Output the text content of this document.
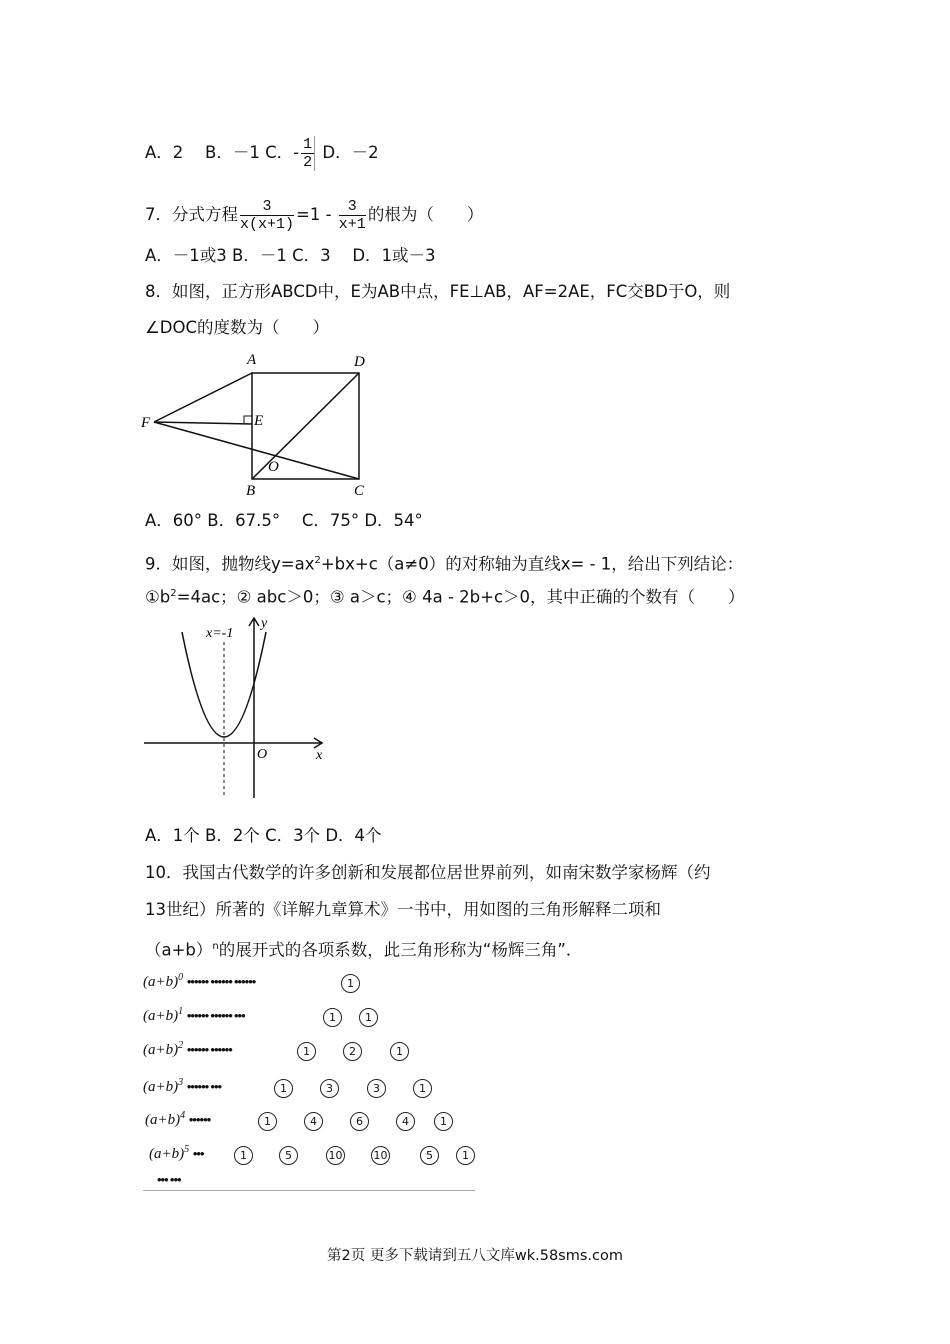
A．2　 B．－1 C．- $\frac{1}{2}$ D．－2
7．分式方程 $\frac{3}{x(x+1)} =1 - \frac{3}{x+1}$ 的根为（　　）
A．－1或3 B．－1 C．3　 D．1或－3
8．如图，正方形ABCD中，E为AB中点，FE⊥AB，AF=2AE，FC交BD于O，则
∠DOC的度数为（　　）
A	D
E
F
O
B	C
A．60° B．67.5°　 C．75° D．54°
9．如图，抛物线$y=ax^2+bx+c(a\ne 0)$的对称轴为直线x= - 1，给出下列结论：
$①b^2=4ac$；② abc＞0；③ a＞c；④ 4a - 2b+c＞0，其中正确的个数有（　　）
x=-1
y
x
O
A．1个 B．2个 C．3个 D．4个
10．我国古代数学的许多创新和发展都位居世界前列，如南宋数学家杨辉（约
13世纪）所著的《详解九章算术》一书中，用如图的三角形解释二项和
$(a+b)^n$的展开式的各项系数，此三角形称为“杨辉三角”．
$(a+b)^0$ •••••• •••••• ••••••	1
$(a+b)^1$ •••••• •••••• •••	1	1
$(a+b)^2$ •••••• ••••••	1	2	1
$(a+b)^3$ •••••• •••	1	3	3	1
$(a+b)^4$ ••••••	1	4	6	4	1
$(a+b)^5$ •••	1	5	10	10	5	1
••• •••
第2页 更多下载请到五八文库wk.58sms.com
